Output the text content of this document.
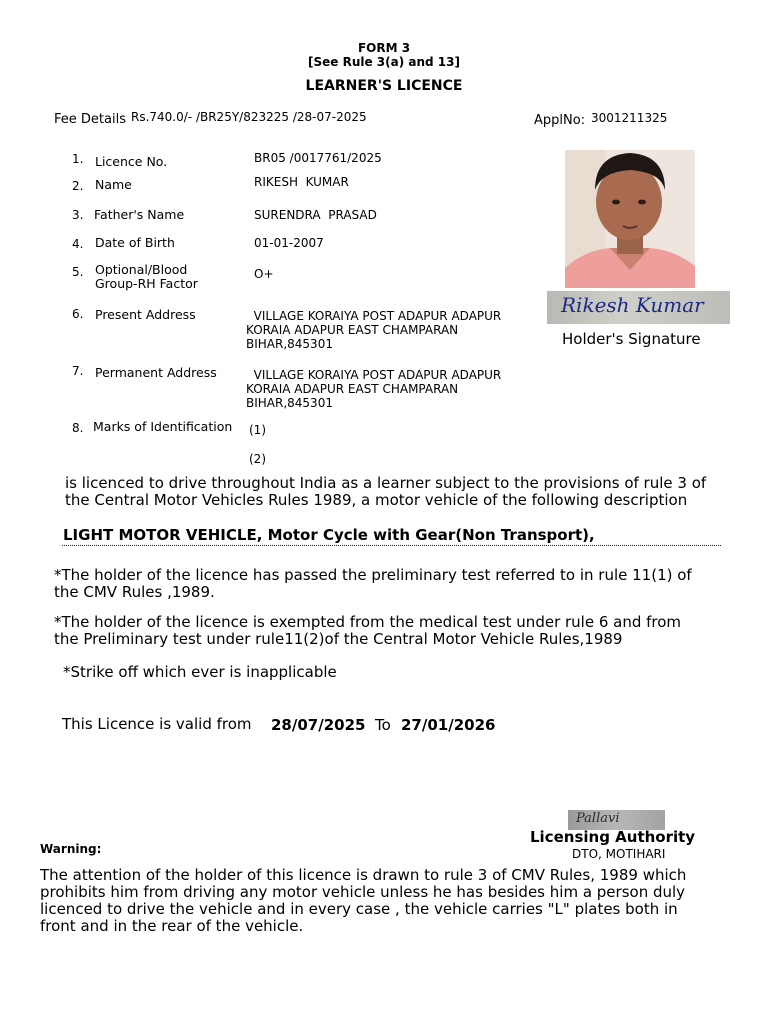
FORM 3
[See Rule 3(a) and 13]
LEARNER'S LICENCE
Fee Details Rs.740.0/- /BR25Y/823225 /28-07-2025	ApplNo: 3001211325
1. Licence No.	BR05 /0017761/2025
2. Name	RIKESH  KUMAR
3. Father's Name	SURENDRA  PRASAD
4. Date of Birth	01-01-2007
5. Optional/Blood
Group-RH Factor
O+
6. Present Address	VILLAGE KORAIYA POST ADAPUR ADAPUR
KORAIA ADAPUR EAST CHAMPARAN
BIHAR,845301
7. Permanent Address VILLAGE KORAIYA POST ADAPUR ADAPUR
KORAIA ADAPUR EAST CHAMPARAN
BIHAR,845301
8. Marks of Identification (1)
(2)
Rikesh Kumar
Holder's Signature
is licenced to drive throughout India as a learner subject to the provisions of rule 3 of
the Central Motor Vehicles Rules 1989, a motor vehicle of the following description
LIGHT MOTOR VEHICLE, Motor Cycle with Gear(Non Transport),
*The holder of the licence has passed the preliminary test referred to in rule 11(1) of
the CMV Rules ,1989.
*The holder of the licence is exempted from the medical test under rule 6 and from
the Preliminary test under rule11(2)of the Central Motor Vehicle Rules,1989
*Strike off which ever is inapplicable
This Licence is valid from 28/07/2025 To 27/01/2026
Pallavi
Licensing Authority
DTO, MOTIHARI
Warning:
The attention of the holder of this licence is drawn to rule 3 of CMV Rules, 1989 which
prohibits him from driving any motor vehicle unless he has besides him a person duly
licenced to drive the vehicle and in every case , the vehicle carries "L" plates both in
front and in the rear of the vehicle.
